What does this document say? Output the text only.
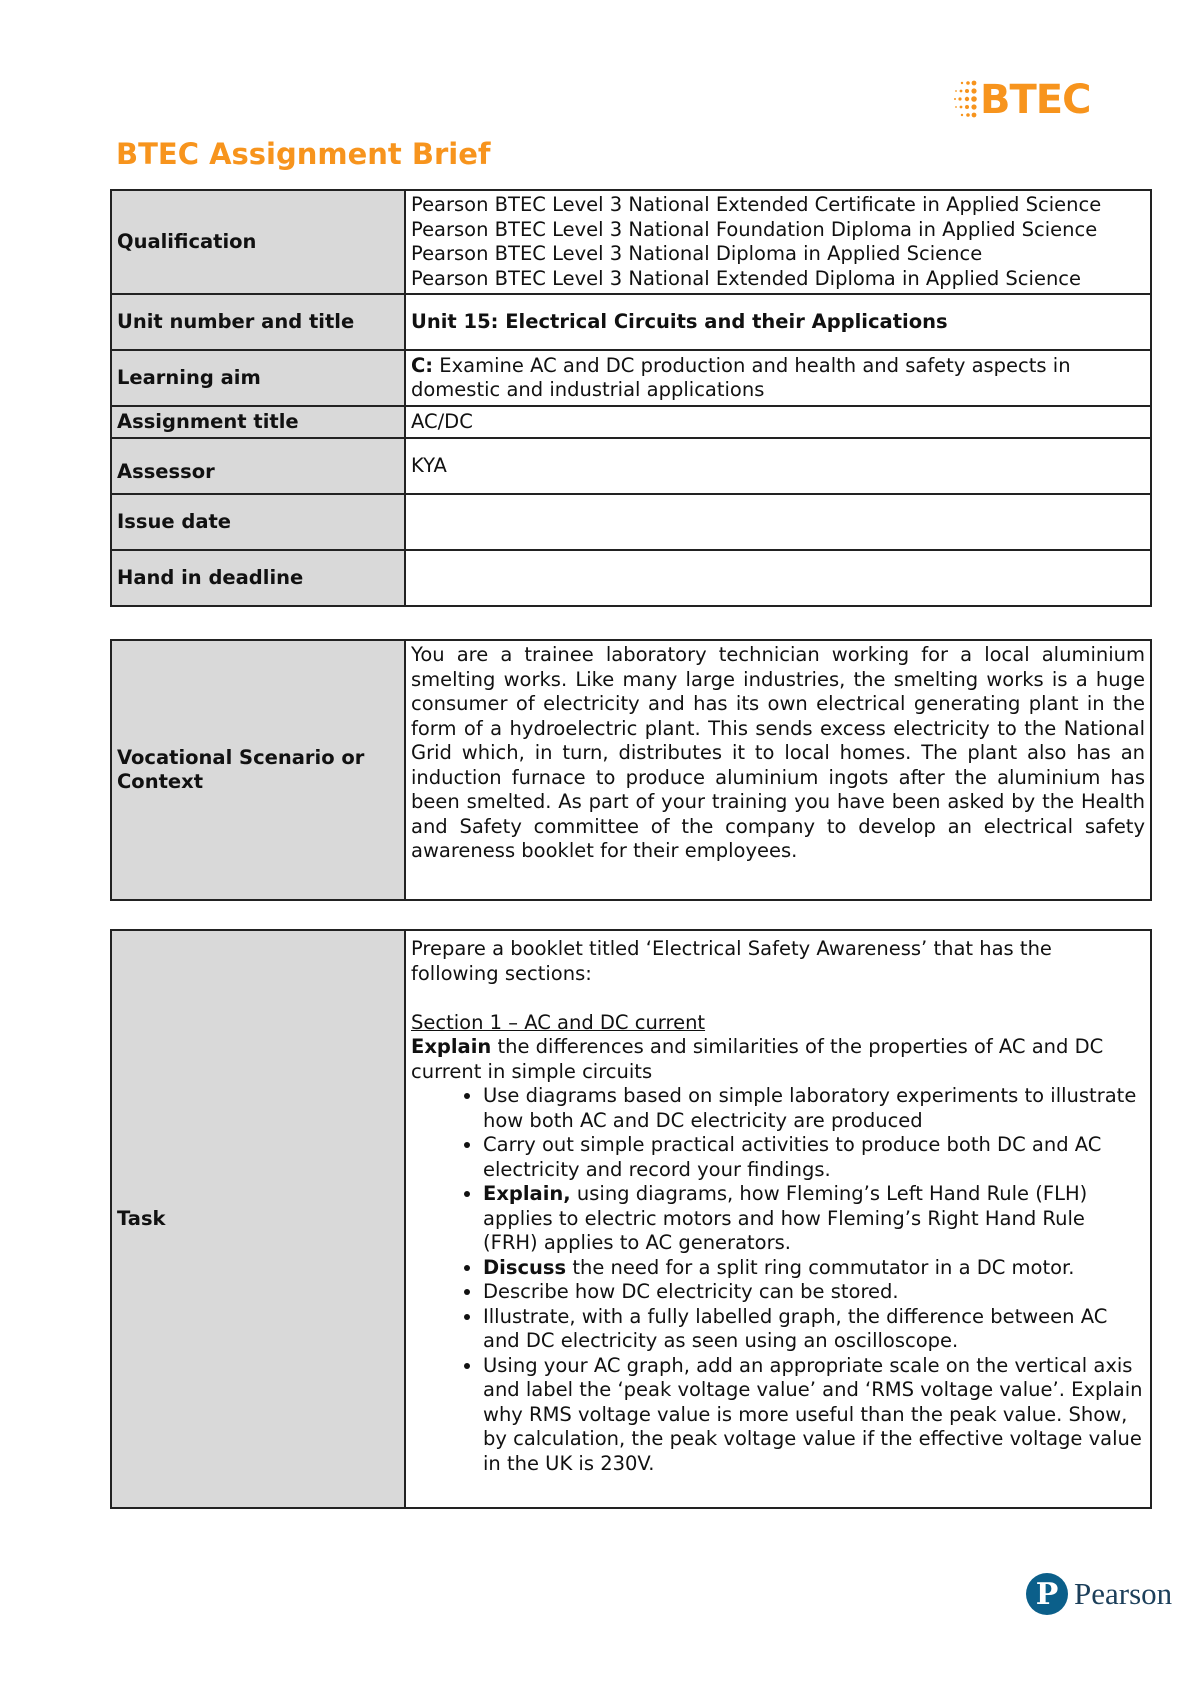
BTEC
BTEC Assignment Brief
Qualification	Pearson BTEC Level 3 National Extended Certificate in Applied Science
Pearson BTEC Level 3 National Foundation Diploma in Applied Science
Pearson BTEC Level 3 National Diploma in Applied Science
Pearson BTEC Level 3 National Extended Diploma in Applied Science

Unit number and title	Unit 15: Electrical Circuits and their Applications
Learning aim	C: Examine AC and DC production and health and safety aspects in domestic and industrial applications
Assignment title	AC/DC
Assessor	KYA
Issue date	
Hand in deadline	
Vocational Scenario or Context	You are a trainee laboratory technician working for a local aluminium smelting works. Like many large industries, the smelting works is a huge consumer of electricity and has its own electrical generating plant in the form of a hydroelectric plant. This sends excess electricity to the National Grid which, in turn, distributes it to local homes. The plant also has an induction furnace to produce aluminium ingots after the aluminium has been smelted. As part of your training you have been asked by the Health and Safety committee of the company to develop an electrical safety awareness booklet for their employees.
Task	
Prepare a booklet titled ‘Electrical Safety Awareness’ that has the following sections:
Section 1 – AC and DC current
Explain the differences and similarities of the properties of AC and DC current in simple circuits
• Use diagrams based on simple laboratory experiments to illustrate how both AC and DC electricity are produced
• Carry out simple practical activities to produce both DC and AC electricity and record your findings.
• Explain, using diagrams, how Fleming’s Left Hand Rule (FLH) applies to electric motors and how Fleming’s Right Hand Rule (FRH) applies to AC generators.
• Discuss the need for a split ring commutator in a DC motor.
• Describe how DC electricity can be stored.
• Illustrate, with a fully labelled graph, the difference between AC and DC electricity as seen using an oscilloscope.
• Using your AC graph, add an appropriate scale on the vertical axis and label the ‘peak voltage value’ and ‘RMS voltage value’. Explain why RMS voltage value is more useful than the peak value. Show, by calculation, the peak voltage value if the effective voltage value in the UK is 230V.
P Pearson
